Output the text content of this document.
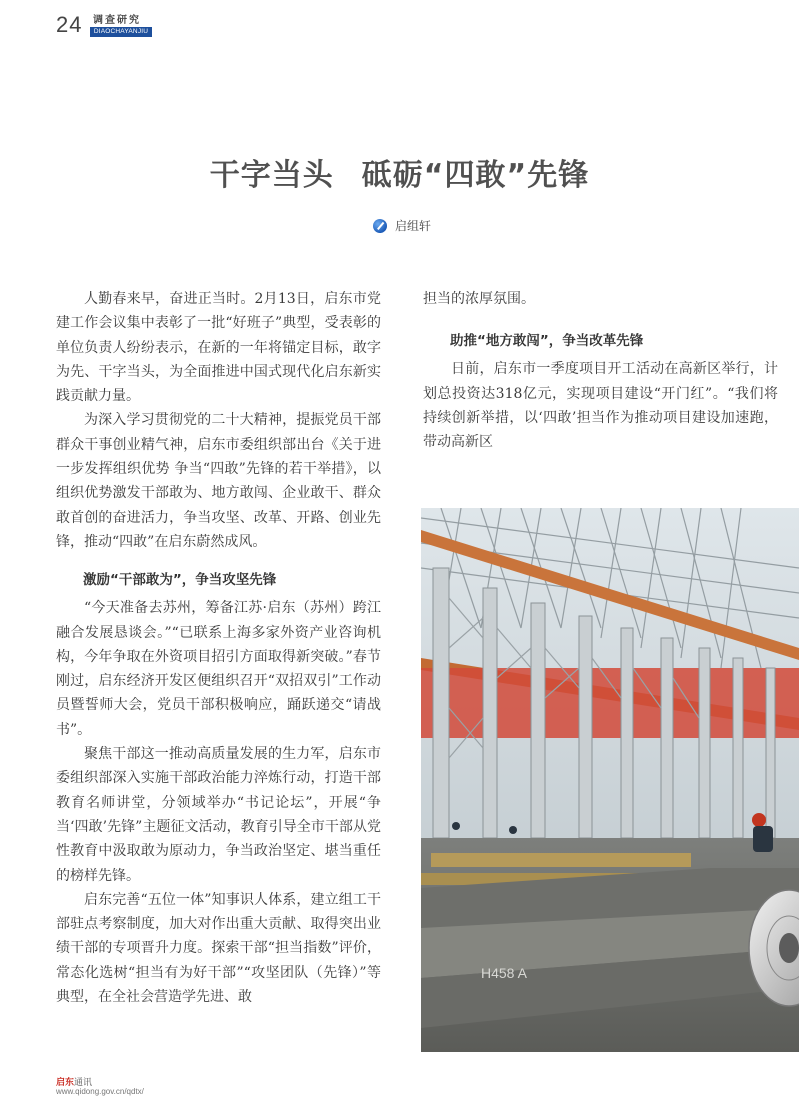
24 调查研究
DIAOCHAYANJIU
干字当头 砥砺“四敢”先锋
启组轩

人勤春来早，奋进正当时。2月13日，启东市党建工作会议集中表彰了一批“好班子”典型，受表彰的单位负责人纷纷表示，在新的一年将锚定目标，敢字为先、干字当头，为全面推进中国式现代化启东新实践贡献力量。

为深入学习贯彻党的二十大精神，提振党员干部群众干事创业精气神，启东市委组织部出台《关于进一步发挥组织优势 争当“四敢”先锋的若干举措》，以组织优势激发干部敢为、地方敢闯、企业敢干、群众敢首创的奋进活力，争当攻坚、改革、开路、创业先锋，推动“四敢”在启东蔚然成风。

激励“干部敢为”，争当攻坚先锋

“今天准备去苏州，筹备江苏·启东（苏州）跨江融合发展恳谈会。”“已联系上海多家外资产业咨询机构，今年争取在外资项目招引方面取得新突破。”春节刚过，启东经济开发区便组织召开“双招双引”工作动员暨誓师大会，党员干部积极响应，踊跃递交“请战书”。

聚焦干部这一推动高质量发展的生力军，启东市委组织部深入实施干部政治能力淬炼行动，打造干部教育名师讲堂，分领域举办“书记论坛”，开展“争当‘四敢’先锋”主题征文活动，教育引导全市干部从党性教育中汲取敢为原动力，争当政治坚定、堪当重任的榜样先锋。

启东完善“五位一体”知事识人体系，建立组工干部驻点考察制度，加大对作出重大贡献、取得突出业绩干部的专项晋升力度。探索干部“担当指数”评价，常态化选树“担当有为好干部”“攻坚团队（先锋）”等典型，在全社会营造学先进、敢

担当的浓厚氛围。

助推“地方敢闯”，争当改革先锋

日前，启东市一季度项目开工活动在高新区举行，计划总投资达318亿元，实现项目建设“开门红”。“我们将持续创新举措，以‘四敢’担当作为推动项目建设加速跑，带动高新区

H458 A
启东通讯
www.qidong.gov.cn/qdtx/
